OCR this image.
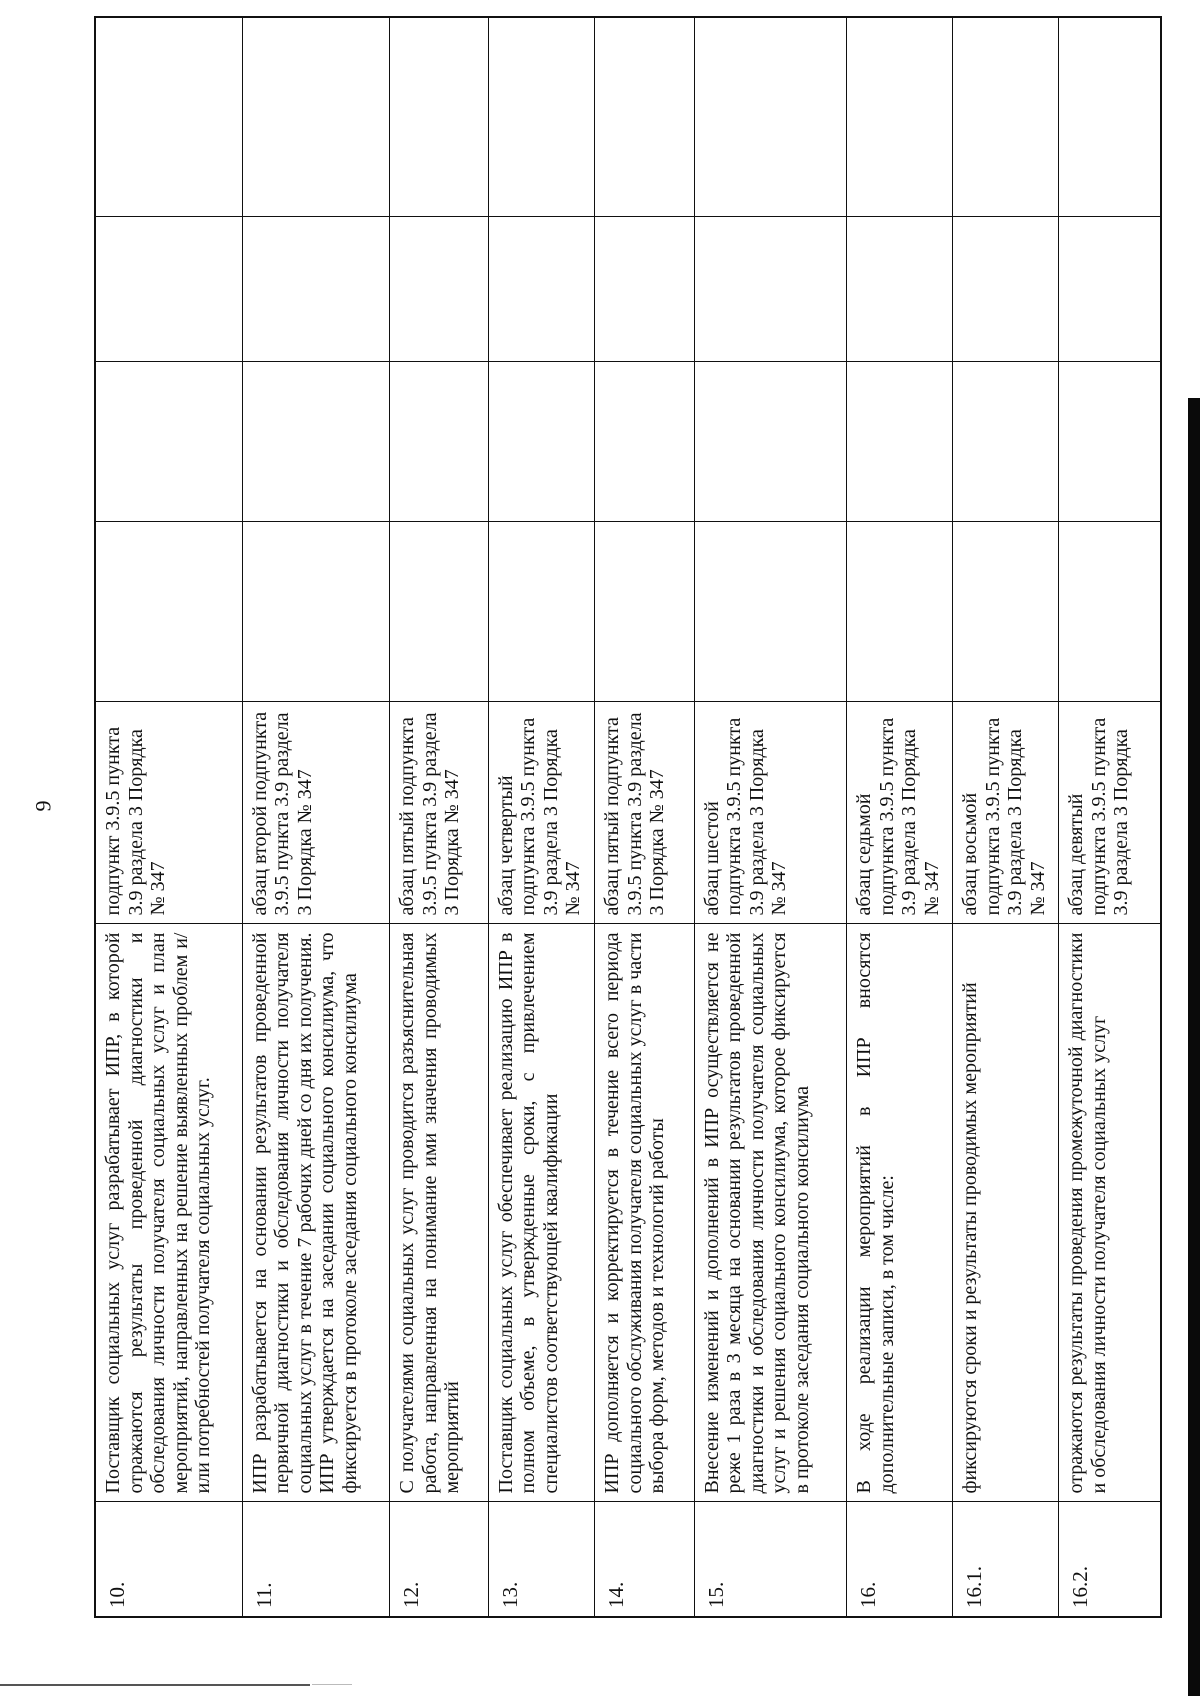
9
10.	Поставщик социальных услуг разрабатывает ИПР, в которой отражаются результаты проведенной диагностики и обследования личности получателя социальных услуг и план мероприятий, направленных на решение выявленных проблем и/или потребностей получателя социальных услуг.	подпункт 3.9.5 пункта 3.9 раздела 3 Порядка № 347				
11.	ИПР разрабатывается на основании результатов проведенной первичной диагностики и обследования личности получателя социальных услуг в течение 7 рабочих дней со дня их получения. ИПР утверждается на заседании социального консилиума, что фиксируется в протоколе заседания социального консилиума	абзац второй подпункта 3.9.5 пункта 3.9 раздела 3 Порядка № 347				
12.	С получателями социальных услуг проводится разъяснительная работа, направленная на понимание ими значения проводимых мероприятий	абзац пятый подпункта 3.9.5 пункта 3.9 раздела 3 Порядка № 347				
13.	Поставщик социальных услуг обеспечивает реализацию ИПР в полном объеме, в утвержденные сроки, с привлечением специалистов соответствующей квалификации	абзац четвертый подпункта 3.9.5 пункта 3.9 раздела 3 Порядка № 347				
14.	ИПР дополняется и корректируется в течение всего периода социального обслуживания получателя социальных услуг в части выбора форм, методов и технологий работы	абзац пятый подпункта 3.9.5 пункта 3.9 раздела 3 Порядка № 347				
15.	Внесение изменений и дополнений в ИПР осуществляется не реже 1 раза в 3 месяца на основании результатов проведенной диагностики и обследования личности получателя социальных услуг и решения социального консилиума, которое фиксируется в протоколе заседания социального консилиума	абзац шестой подпункта 3.9.5 пункта 3.9 раздела 3 Порядка № 347				
16.	В ходе реализации мероприятий в ИПР вносятся дополнительные записи, в том числе:	абзац седьмой подпункта 3.9.5 пункта 3.9 раздела 3 Порядка № 347				
16.1.	фиксируются сроки и результаты проводимых мероприятий	абзац восьмой подпункта 3.9.5 пункта 3.9 раздела 3 Порядка № 347				
16.2.	отражаются результаты проведения промежуточной диагностики и обследования личности получателя социальных услуг	абзац девятый подпункта 3.9.5 пункта 3.9 раздела 3 Порядка				
